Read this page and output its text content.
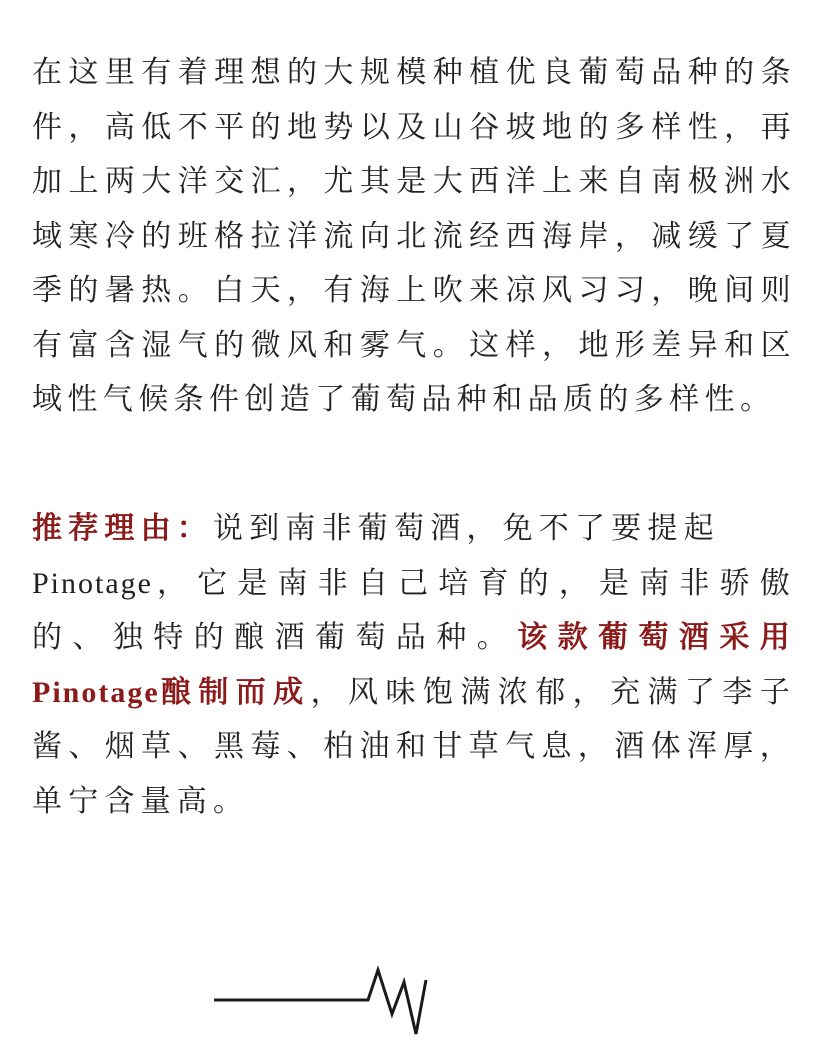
在这里有着理想的大规模种植优良葡萄品种的条件，高低不平的地势以及山谷坡地的多样性，再加上两大洋交汇，尤其是大西洋上来自南极洲水域寒冷的班格拉洋流向北流经西海岸，减缓了夏季的暑热。白天，有海上吹来凉风习习，晚间则有富含湿气的微风和雾气。这样，地形差异和区域性气候条件创造了葡萄品种和品质的多样性。

推荐理由：说到南非葡萄酒，免不了要提起
Pinotage，它是南非自己培育的，是南非骄傲的、独特的酿酒葡萄品种。该款葡萄酒采用Pinotage酿制而成，风味饱满浓郁，充满了李子酱、烟草、黑莓、柏油和甘草气息，酒体浑厚，单宁含量高。
